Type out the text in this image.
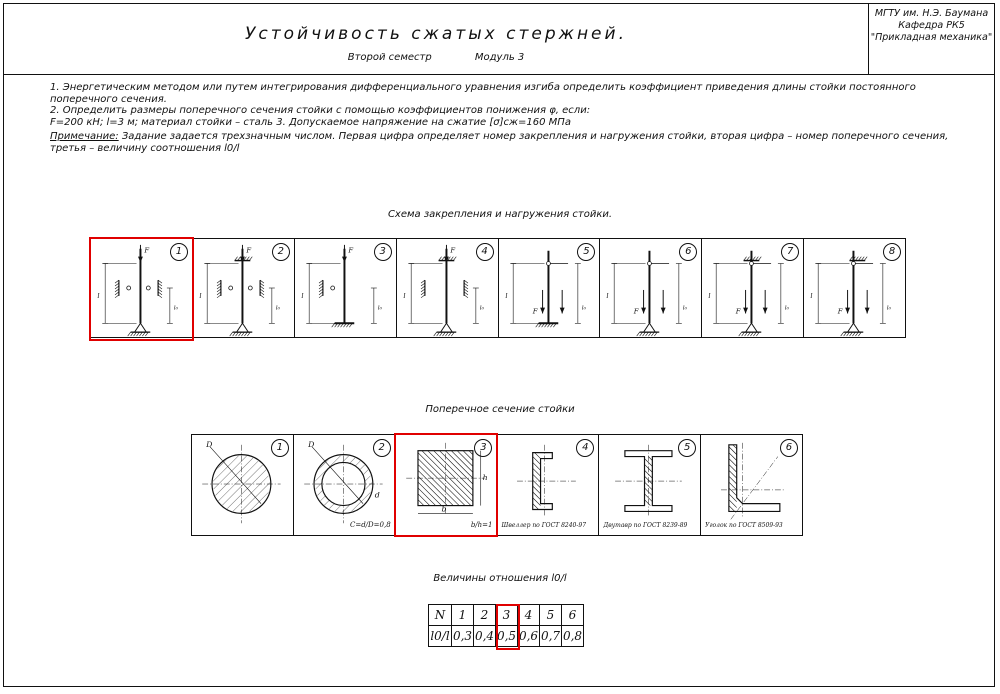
Устойчивость сжатых стержней.
Второй семестр	Модуль 3
МГТУ им. Н.Э. Баумана
Кафедра РК5
"Прикладная механика"

1. Энергетическим методом или путем интегрирования дифференциального уравнения изгиба определить коэффициент приведения длины стойки постоянного поперечного сечения.

2. Определить размеры поперечного сечения стойки с помощью коэффициентов понижения φ, если:

F=200 кН; l=3 м; материал стойки – сталь 3. Допускаемое напряжение на сжатие [σ]сж=160 МПа

Примечание: Задание задается трехзначным числом. Первая цифра определяет номер закрепления и нагружения стойки, вторая цифра – номер поперечного сечения, третья – величину соотношения l0/l

Схема закрепления и нагружения стойки.
l
F
l₀
1
l
F
l₀
2
l
F
l₀
3
l
F
l₀
4
l
F	l₀
5
l
F	l₀
6
l
F	l₀
7
l
F	l₀
8
Поперечное сечение стойки
D	1	D
d
2
C=d/D=0,8
b
h
3
b/h=1
4
Швеллер по ГОСТ 8240-97
5
Двутавр по ГОСТ 8239-89
6
Уголок по ГОСТ 8509-93
Величины отношения l0/l
N	1	2	3	4	5	6
l0/l	0,3	0,4	0,5	0,6	0,7	0,8
